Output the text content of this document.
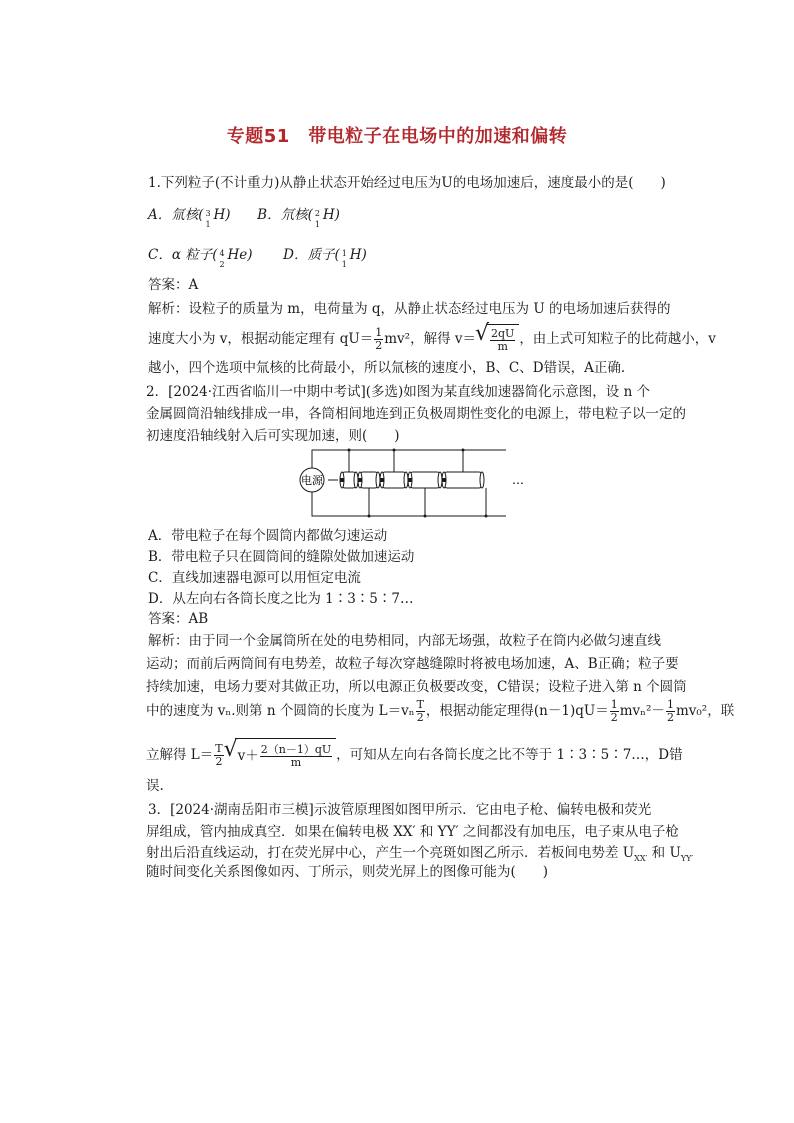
专题51　带电粒子在电场中的加速和偏转
1.下列粒子(不计重力)从静止状态开始经过电压为U的电场加速后，速度最小的是(　　)
A．氚核( 3
1
H) B．氘核( 2
1
H)
C．α 粒子( 4
2
He) D．质子( 1
1
H)
答案：A
解析：设粒子的质量为 m，电荷量为 q，从静止状态经过电压为 U 的电场加速后获得的
速度大小为 v，根据动能定理有 $qU= \frac{1}{2} mv^2$，解得 v＝ √ $\frac{2qU}{m}$ ，由上式可知粒子的比荷越小，v
越小，四个选项中氚核的比荷最小，所以氚核的速度小，B、C、D错误，A正确.
2．[2024·江西省临川一中期中考试](多选)如图为某直线加速器简化示意图，设 n 个
金属圆筒沿轴线排成一串，各筒相间地连到正负极周期性变化的电源上，带电粒子以一定的
初速度沿轴线射入后可实现加速，则(　　)
电源	…
A．带电粒子在每个圆筒内都做匀速运动
B．带电粒子只在圆筒间的缝隙处做加速运动
C．直线加速器电源可以用恒定电流
D．从左向右各筒长度之比为 1∶3∶5∶7…
答案：AB
解析：由于同一个金属筒所在处的电势相同，内部无场强，故粒子在筒内必做匀速直线
运动；而前后两筒间有电势差，故粒子每次穿越缝隙时将被电场加速，A、B正确；粒子要
持续加速，电场力要对其做正功，所以电源正负极要改变，C错误；设粒子进入第 n 个圆筒
中的速度为 vₙ.则第 n 个圆筒的长度为 $L=v_n \frac{T}{2}$ ，根据动能定理得$(n-1)qU= \frac{1}{2} mv_n^2- \frac{1}{2} mv_0^2$，联
立解得 $L= \frac{T}{2}$ √ $v+ \frac{2(n-1)qU}{m}$ ，可知从左向右各筒长度之比不等于 1∶3∶5∶7…，D错
误.
3．[2024·湖南岳阳市三模]示波管原理图如图甲所示．它由电子枪、偏转电极和荧光
屏组成，管内抽成真空．如果在偏转电极 XX′ 和 YY′ 之间都没有加电压，电子束从电子枪
射出后沿直线运动，打在荧光屏中心，产生一个亮斑如图乙所示．若板间电势差 $U_{XX'}$ 和 $U_{YY'}$
随时间变化关系图像如丙、丁所示，则荧光屏上的图像可能为(　　)
